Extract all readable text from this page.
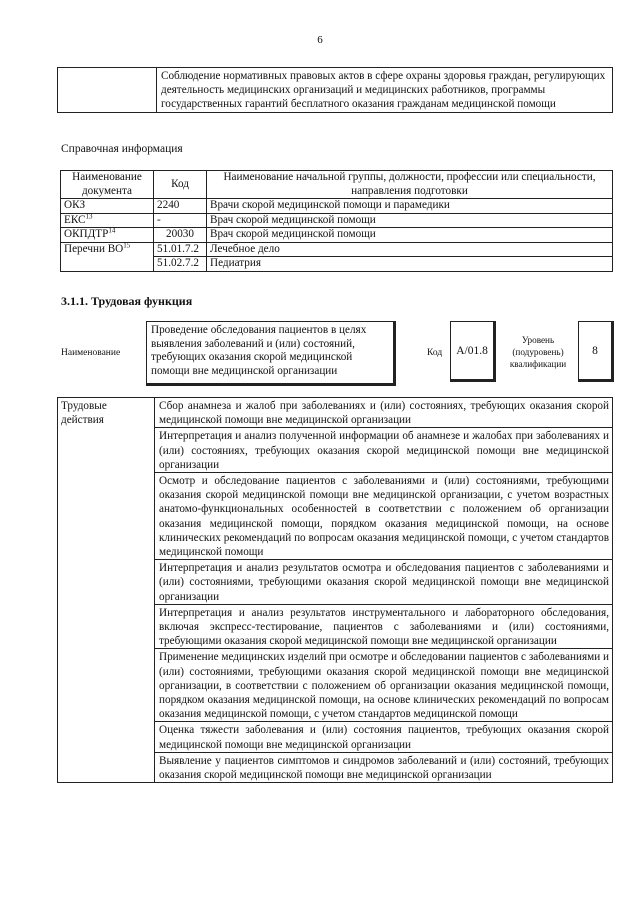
6
	Соблюдение нормативных правовых актов в сфере охраны здоровья граждан, регулирующих деятельность медицинских организаций и медицинских работников, программы государственных гарантий бесплатного оказания гражданам медицинской помощи
Справочная информация
Наименование документа	Код	Наименование начальной группы, должности, профессии или специальности, направления подготовки
ОКЗ	2240	Врачи скорой медицинской помощи и парамедики
ЕКС$^{13}$	-	Врач скорой медицинской помощи
ОКПДТР$^{14}$	20030	Врач скорой медицинской помощи
Перечни ВО$^{15}$	51.01.7.2	Лечебное дело
	51.02.7.2	Педиатрия
3.1.1. Трудовая функция
Наименование
Проведение обследования пациентов в целях выявления заболеваний и (или) состояний, требующих оказания скорой медицинской помощи вне медицинской организации
Код	A/01.8
Уровень (подуровень) квалификации
8
Трудовые действия	Сбор анамнеза и жалоб при заболеваниях и (или) состояниях, требующих оказания скорой медицинской помощи вне медицинской организации
Интерпретация и анализ полученной информации об анамнезе и жалобах при заболеваниях и (или) состояниях, требующих оказания скорой медицинской помощи вне медицинской организации
Осмотр и обследование пациентов с заболеваниями и (или) состояниями, требующими оказания скорой медицинской помощи вне медицинской организации, с учетом возрастных анатомо-функциональных особенностей в соответствии с положением об организации оказания медицинской помощи, порядком оказания медицинской помощи, на основе клинических рекомендаций по вопросам оказания медицинской помощи, с учетом стандартов медицинской помощи
Интерпретация и анализ результатов осмотра и обследования пациентов с заболеваниями и (или) состояниями, требующими оказания скорой медицинской помощи вне медицинской организации
Интерпретация и анализ результатов инструментального и лабораторного обследования, включая экспресс-тестирование, пациентов с заболеваниями и (или) состояниями, требующими оказания скорой медицинской помощи вне медицинской организации
Применение медицинских изделий при осмотре и обследовании пациентов с заболеваниями и (или) состояниями, требующими оказания скорой медицинской помощи вне медицинской организации, в соответствии с положением об организации оказания медицинской помощи, порядком оказания медицинской помощи, на основе клинических рекомендаций по вопросам оказания медицинской помощи, с учетом стандартов медицинской помощи
Оценка тяжести заболевания и (или) состояния пациентов, требующих оказания скорой медицинской помощи вне медицинской организации
Выявление у пациентов симптомов и синдромов заболеваний и (или) состояний, требующих оказания скорой медицинской помощи вне медицинской организации
